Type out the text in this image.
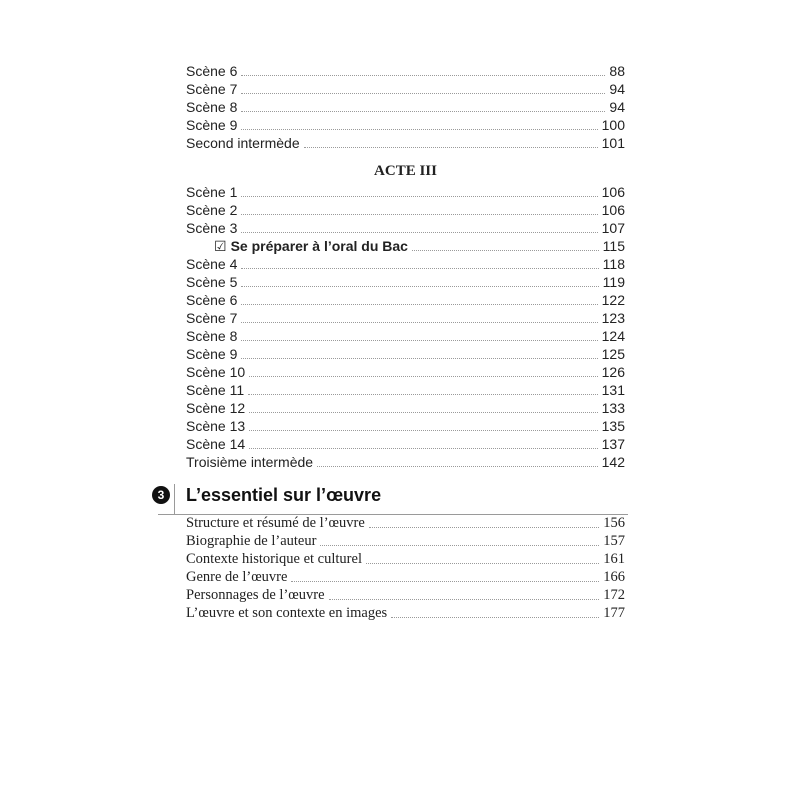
Scène 6	88
Scène 7	94
Scène 8	94
Scène 9	100
Second intermède	101
ACTE III
Scène 1	106
Scène 2	106
Scène 3	107
☑ Se préparer à l’oral du Bac	115
Scène 4	118
Scène 5	119
Scène 6	122
Scène 7	123
Scène 8	124
Scène 9	125
Scène 10	126
Scène 11	131
Scène 12	133
Scène 13	135
Scène 14	137
Troisième intermède	142
3	L’essentiel sur l’œuvre
Structure et résumé de l’œuvre	156
Biographie de l’auteur	157
Contexte historique et culturel	161
Genre de l’œuvre	166
Personnages de l’œuvre	172
L’œuvre et son contexte en images	177
